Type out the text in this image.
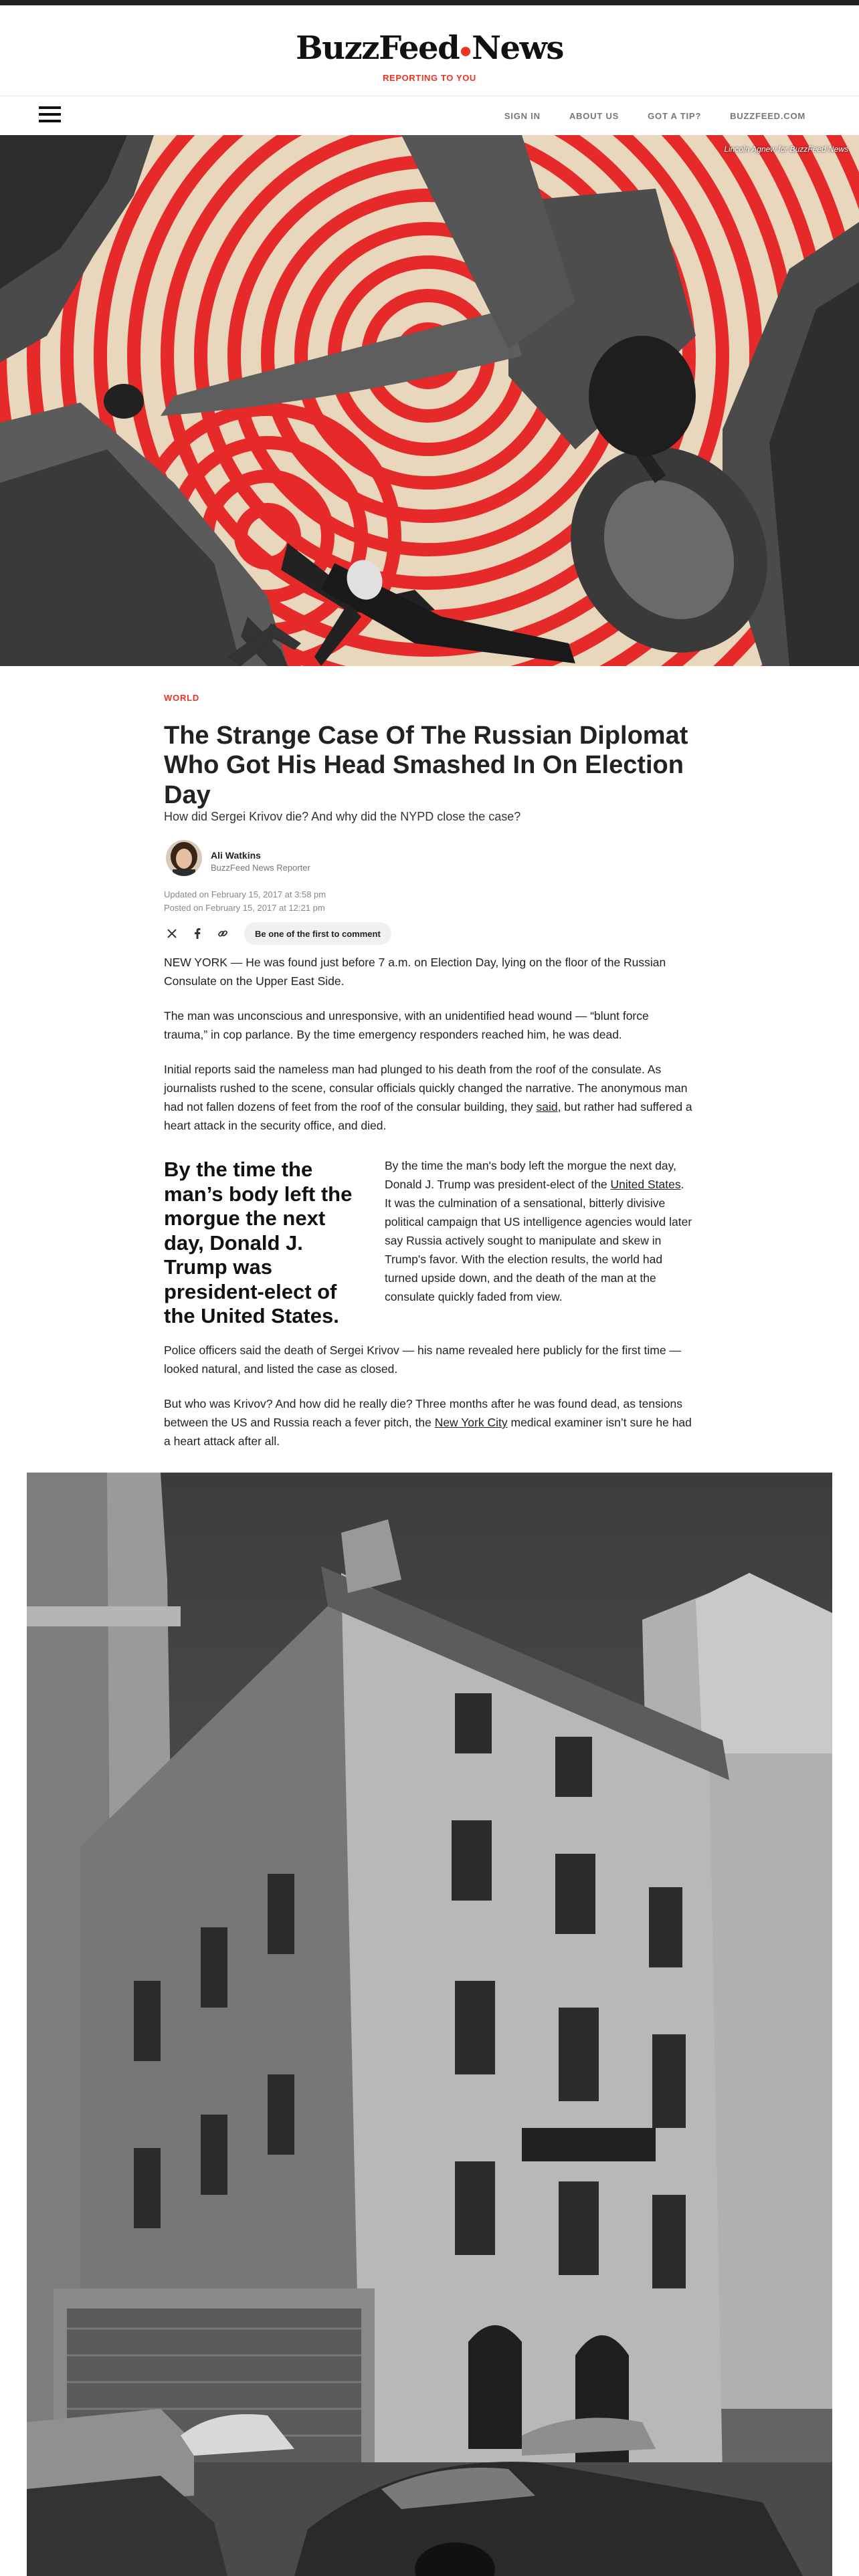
BuzzFeed News
REPORTING TO YOU
SIGN IN	ABOUT US	GOT A TIP?	BUZZFEED.COM
Lincoln Agnew for BuzzFeed News
WORLD
The Strange Case Of The Russian Diplomat Who Got His Head Smashed In On Election Day
How did Sergei Krivov die? And why did the NYPD close the case?
Ali Watkins
BuzzFeed News Reporter
Updated on February 15, 2017 at 3:58 pm
Posted on February 15, 2017 at 12:21 pm
Be one of the first to comment

NEW YORK — He was found just before 7 a.m. on Election Day, lying on the floor of the Russian Consulate on the Upper East Side.

The man was unconscious and unresponsive, with an unidentified head wound — “blunt force trauma,” in cop parlance. By the time emergency responders reached him, he was dead.

Initial reports said the nameless man had plunged to his death from the roof of the consulate. As journalists rushed to the scene, consular officials quickly changed the narrative. The anonymous man had not fallen dozens of feet from the roof of the consular building, they said, but rather had suffered a heart attack in the security office, and died.

By the time the man’s body left the morgue the next day, Donald J. Trump was president-elect of the United States.

By the time the man's body left the morgue the next day, Donald J. Trump was president-elect of the United States. It was the culmination of a sensational, bitterly divisive political campaign that US intelligence agencies would later say Russia actively sought to manipulate and skew in Trump's favor. With the election results, the world had turned upside down, and the death of the man at the consulate quickly faded from view.

Police officers said the death of Sergei Krivov — his name revealed here publicly for the first time — looked natural, and listed the case as closed.

But who was Krivov? And how did he really die? Three months after he was found dead, as tensions between the US and Russia reach a fever pitch, the New York City medical examiner isn’t sure he had a heart attack after all.
